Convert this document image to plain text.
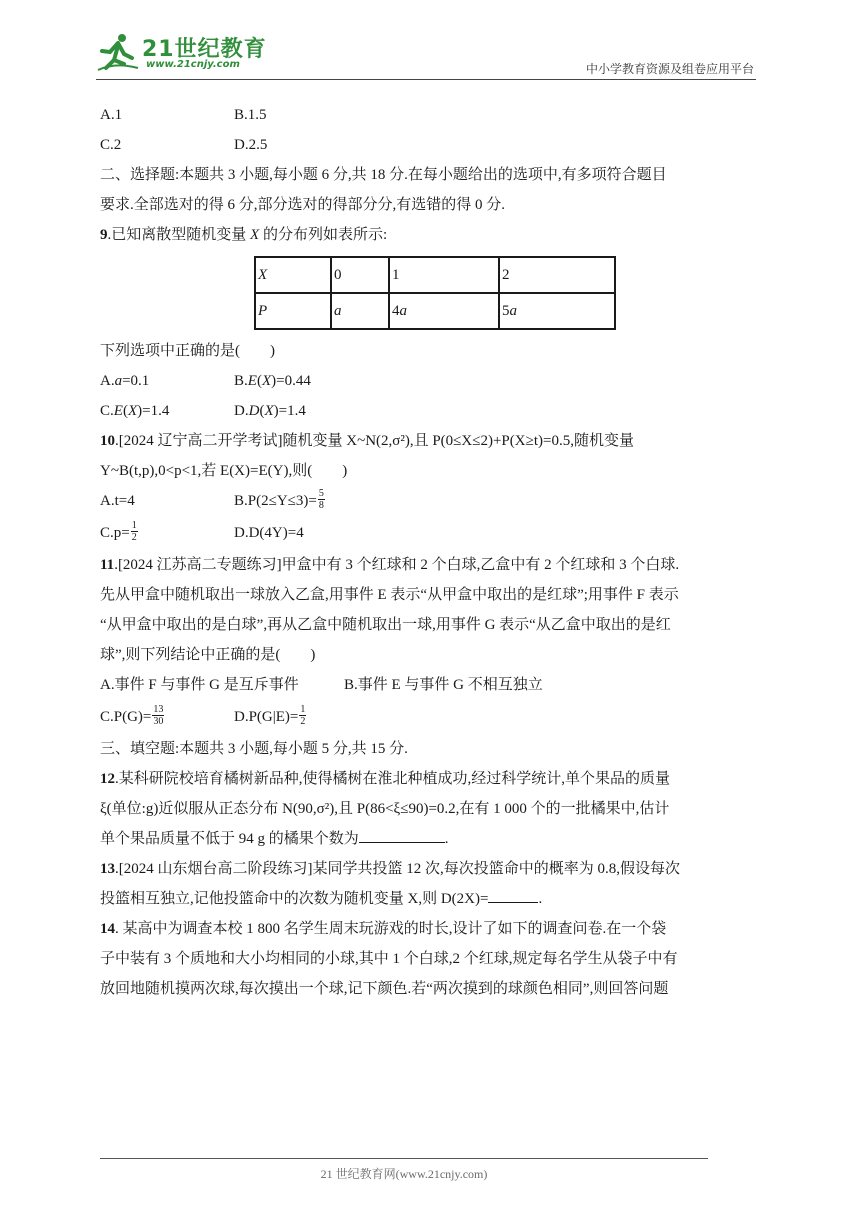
21世纪教育
www.21cnjy.com	中小学教育资源及组卷应用平台
A.1	B.1.5
C.2	D.2.5
二、选择题:本题共 3 小题,每小题 6 分,共 18 分.在每小题给出的选项中,有多项符合题目
要求.全部选对的得 6 分,部分选对的得部分分,有选错的得 0 分.
9.已知离散型随机变量 X 的分布列如表所示:
X	0	1	2
P	a	4a	5a
下列选项中正确的是(　　)
A.a=0.1	B.E(X)=0.44
C.E(X)=1.4	D.D(X)=1.4
10.[2024 辽宁高二开学考试]随机变量 X~N(2,σ²),且 P(0≤X≤2)+P(X≥t)=0.5,随机变量
Y~B(t,p),0<p<1,若 E(X)=E(Y),则(　　)
A.t=4	$B.P(2\le Y\le 3)= \frac{5}{8}$
$C.p= \frac{1}{2}$	D.D(4Y)=4
11.[2024 江苏高二专题练习]甲盒中有 3 个红球和 2 个白球,乙盒中有 2 个红球和 3 个白球.
先从甲盒中随机取出一球放入乙盒,用事件 E 表示“从甲盒中取出的是红球”;用事件 F 表示
“从甲盒中取出的是白球”,再从乙盒中随机取出一球,用事件 G 表示“从乙盒中取出的是红
球”,则下列结论中正确的是(　　)
A.事件 F 与事件 G 是互斥事件	B.事件 E 与事件 G 不相互独立
$C.P(G)= \frac{13}{30}$	$D.P(G|E)= \frac{1}{2}$
三、填空题:本题共 3 小题,每小题 5 分,共 15 分.
12.某科研院校培育橘树新品种,使得橘树在淮北种植成功,经过科学统计,单个果品的质量
ξ(单位:g)近似服从正态分布 N(90,σ²),且 P(86<ξ≤90)=0.2,在有 1 000 个的一批橘果中,估计
单个果品质量不低于 94 g 的橘果个数为	.
13.[2024 山东烟台高二阶段练习]某同学共投篮 12 次,每次投篮命中的概率为 0.8,假设每次
投篮相互独立,记他投篮命中的次数为随机变量 X,则 D(2X)=	.
14. 某高中为调查本校 1 800 名学生周末玩游戏的时长,设计了如下的调查问卷.在一个袋
子中装有 3 个质地和大小均相同的小球,其中 1 个白球,2 个红球,规定每名学生从袋子中有
放回地随机摸两次球,每次摸出一个球,记下颜色.若“两次摸到的球颜色相同”,则回答问题
21 世纪教育网(www.21cnjy.com)
